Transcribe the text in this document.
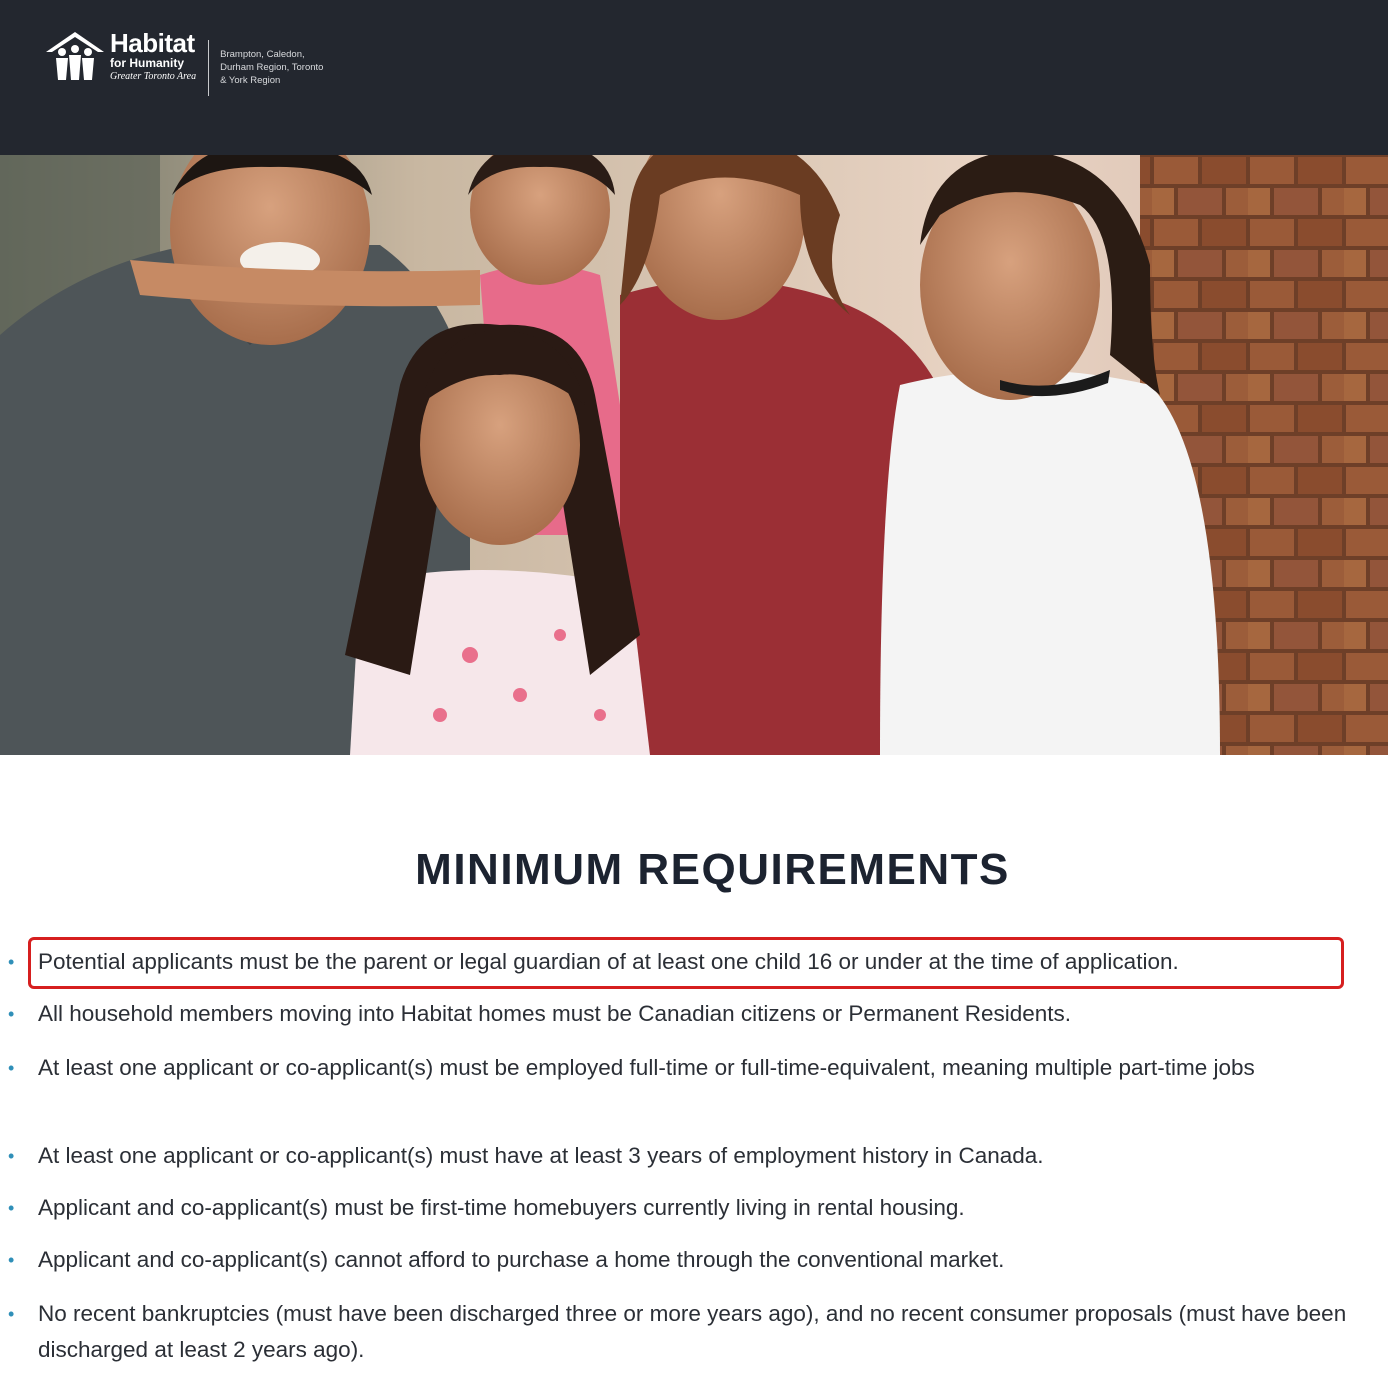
Habitat
for Humanity
Greater Toronto Area
Brampton, Caledon,
Durham Region, Toronto
& York Region
MINIMUM REQUIREMENTS
• Potential applicants must be the parent or legal guardian of at least one child 16 or under at the time of application.
• All household members moving into Habitat homes must be Canadian citizens or Permanent Residents.
• At least one applicant or co-applicant(s) must be employed full-time or full-time-equivalent, meaning multiple part-time jobs
• At least one applicant or co-applicant(s) must have at least 3 years of employment history in Canada.
• Applicant and co-applicant(s) must be first-time homebuyers currently living in rental housing.
• Applicant and co-applicant(s) cannot afford to purchase a home through the conventional market.
• No recent bankruptcies (must have been discharged three or more years ago), and no recent consumer proposals (must have been discharged at least 2 years ago).
